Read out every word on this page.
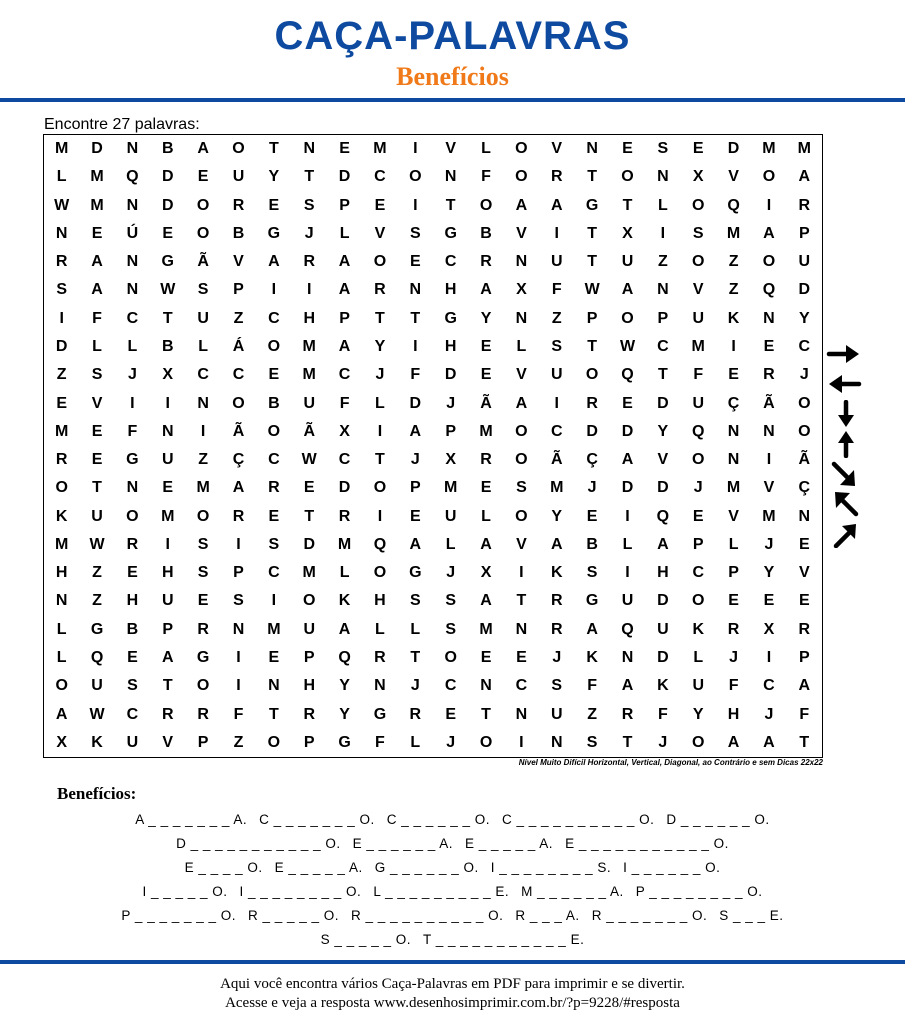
CAÇA-PALAVRAS
Benefícios
Encontre 27 palavras:
M	D	N	B	A	O	T	N	E	M	I	V	L	O	V	N	E	S	E	D	M	M
L	M	Q	D	E	U	Y	T	D	C	O	N	F	O	R	T	O	N	X	V	O	A
W	M	N	D	O	R	E	S	P	E	I	T	O	A	A	G	T	L	O	Q	I	R
N	E	Ú	E	O	B	G	J	L	V	S	G	B	V	I	T	X	I	S	M	A	P
R	A	N	G	Ã	V	A	R	A	O	E	C	R	N	U	T	U	Z	O	Z	O	U
S	A	N	W	S	P	I	I	A	R	N	H	A	X	F	W	A	N	V	Z	Q	D
I	F	C	T	U	Z	C	H	P	T	T	G	Y	N	Z	P	O	P	U	K	N	Y
D	L	L	B	L	Á	O	M	A	Y	I	H	E	L	S	T	W	C	M	I	E	C
Z	S	J	X	C	C	E	M	C	J	F	D	E	V	U	O	Q	T	F	E	R	J
E	V	I	I	N	O	B	U	F	L	D	J	Ã	A	I	R	E	D	U	Ç	Ã	O
M	E	F	N	I	Ã	O	Ã	X	I	A	P	M	O	C	D	D	Y	Q	N	N	O
R	E	G	U	Z	Ç	C	W	C	T	J	X	R	O	Ã	Ç	A	V	O	N	I	Ã
O	T	N	E	M	A	R	E	D	O	P	M	E	S	M	J	D	D	J	M	V	Ç
K	U	O	M	O	R	E	T	R	I	E	U	L	O	Y	E	I	Q	E	V	M	N
M	W	R	I	S	I	S	D	M	Q	A	L	A	V	A	B	L	A	P	L	J	E
H	Z	E	H	S	P	C	M	L	O	G	J	X	I	K	S	I	H	C	P	Y	V
N	Z	H	U	E	S	I	O	K	H	S	S	A	T	R	G	U	D	O	E	E	E
L	G	B	P	R	N	M	U	A	L	L	S	M	N	R	A	Q	U	K	R	X	R
L	Q	E	A	G	I	E	P	Q	R	T	O	E	E	J	K	N	D	L	J	I	P
O	U	S	T	O	I	N	H	Y	N	J	C	N	C	S	F	A	K	U	F	C	A
A	W	C	R	R	F	T	R	Y	G	R	E	T	N	U	Z	R	F	Y	H	J	F
X	K	U	V	P	Z	O	P	G	F	L	J	O	I	N	S	T	J	O	A	A	T
Nível Muito Difícil Horizontal, Vertical, Diagonal, ao Contrário e sem Dicas 22x22
Benefícios:
A _ _ _ _ _ _ _ A. C _ _ _ _ _ _ _ O. C _ _ _ _ _ _ O. C _ _ _ _ _ _ _ _ _ _ O. D _ _ _ _ _ _ O.
D _ _ _ _ _ _ _ _ _ _ _ O. E _ _ _ _ _ _ A. E _ _ _ _ _ A. E _ _ _ _ _ _ _ _ _ _ _ O.
E _ _ _ _ O. E _ _ _ _ _ A. G _ _ _ _ _ _ O. I _ _ _ _ _ _ _ _ S. I _ _ _ _ _ _ O.
I _ _ _ _ _ O. I _ _ _ _ _ _ _ _ O. L _ _ _ _ _ _ _ _ _ E. M _ _ _ _ _ _ A. P _ _ _ _ _ _ _ _ O.
P _ _ _ _ _ _ _ O. R _ _ _ _ _ O. R _ _ _ _ _ _ _ _ _ _ O. R _ _ _ A. R _ _ _ _ _ _ _ O. S _ _ _ E.
S _ _ _ _ _ O. T _ _ _ _ _ _ _ _ _ _ _ E.
Aqui você encontra vários Caça-Palavras em PDF para imprimir e se divertir.
Acesse e veja a resposta www.desenhosimprimir.com.br/?p=9228/#resposta
